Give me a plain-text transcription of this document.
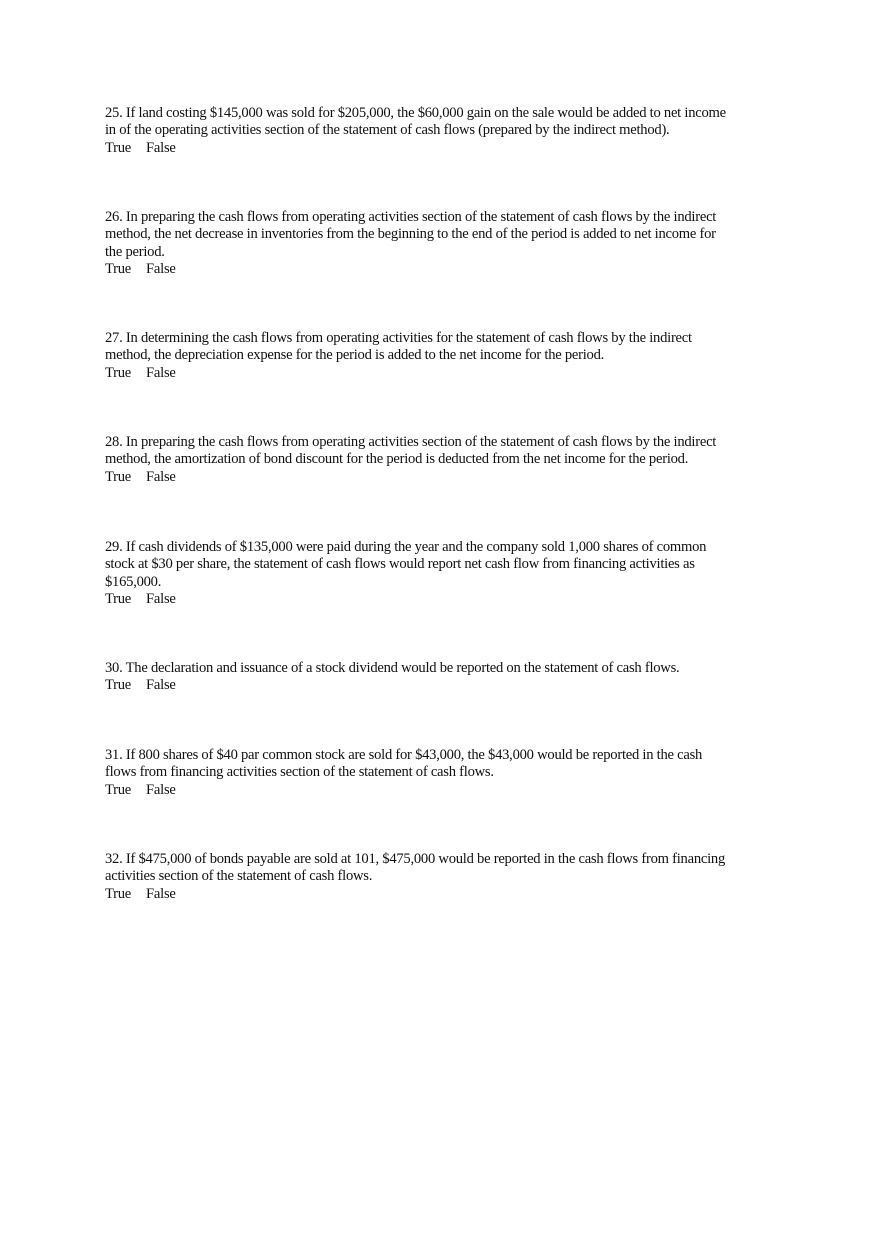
25. If land costing $145,000 was sold for $205,000, the $60,000 gain on the sale would be added to net income
in of the operating activities section of the statement of cash flows (prepared by the indirect method).
True False
26. In preparing the cash flows from operating activities section of the statement of cash flows by the indirect
method, the net decrease in inventories from the beginning to the end of the period is added to net income for
the period.
True False
27. In determining the cash flows from operating activities for the statement of cash flows by the indirect
method, the depreciation expense for the period is added to the net income for the period.
True False
28. In preparing the cash flows from operating activities section of the statement of cash flows by the indirect
method, the amortization of bond discount for the period is deducted from the net income for the period.
True False
29. If cash dividends of $135,000 were paid during the year and the company sold 1,000 shares of common
stock at $30 per share, the statement of cash flows would report net cash flow from financing activities as
$165,000.
True False
30. The declaration and issuance of a stock dividend would be reported on the statement of cash flows.
True False
31. If 800 shares of $40 par common stock are sold for $43,000, the $43,000 would be reported in the cash
flows from financing activities section of the statement of cash flows.
True False
32. If $475,000 of bonds payable are sold at 101, $475,000 would be reported in the cash flows from financing
activities section of the statement of cash flows.
True False
